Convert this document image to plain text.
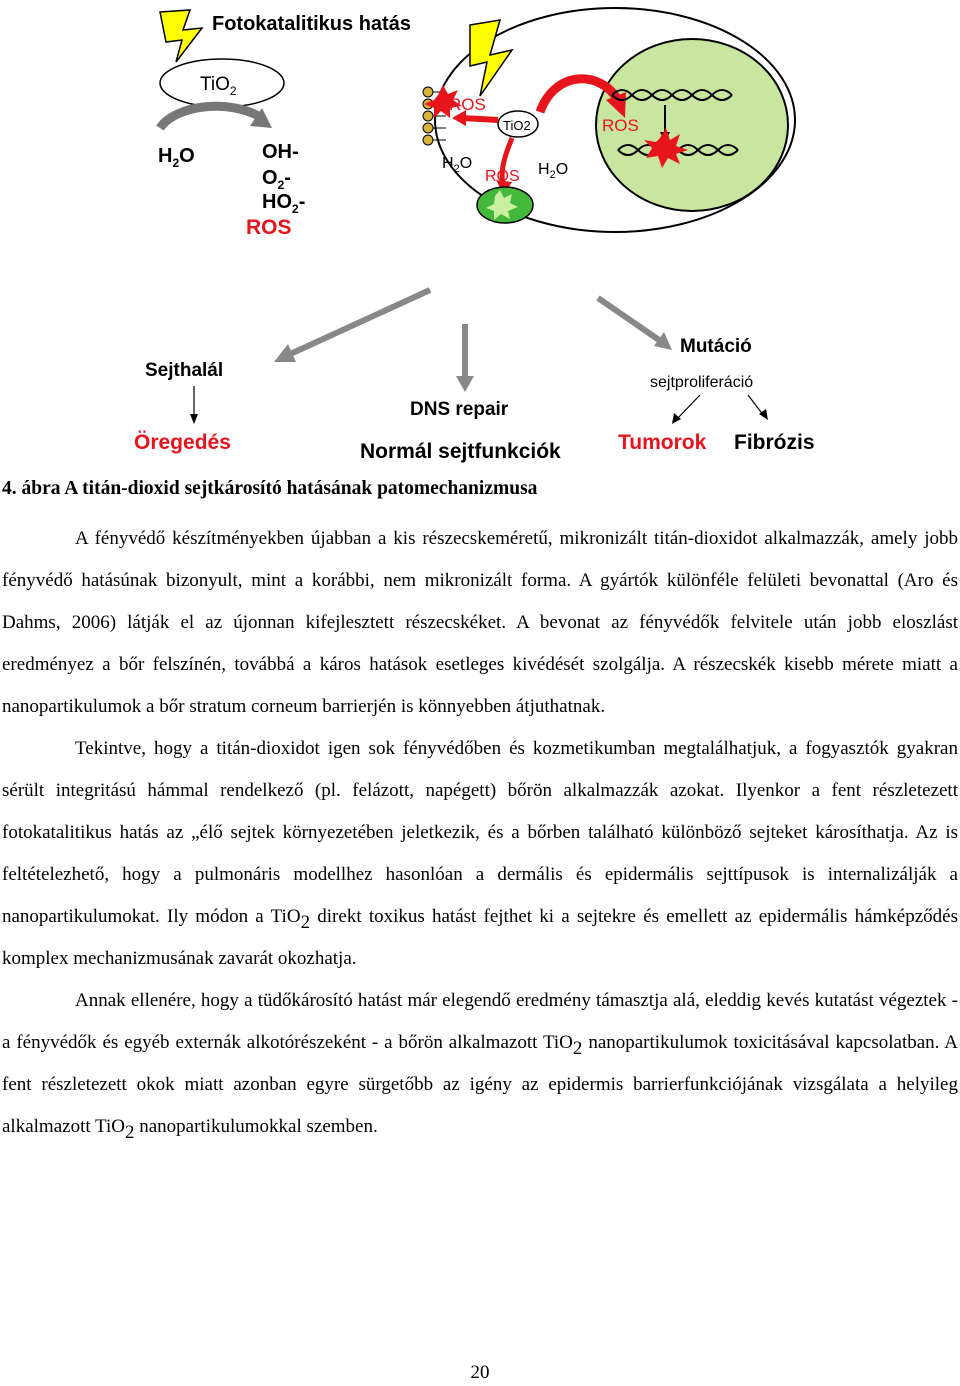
Fotokatalitikus hatás
TiO$_2$
$H_2O$	OH-
$O_2-$
$HO_2-$
ROS
ROS
TiO2
$H_2O$	$H_2O$
ROS
ROS
Sejthalál
Öregedés
DNS repair
Normál sejtfunkciók
Mutáció
sejtproliferáció
Tumorok Fibrózis
4. ábra A titán-dioxid sejtkárosító hatásának patomechanizmusa

A fényvédő készítményekben újabban a kis részecskeméretű, mikronizált titán-dioxidot alkalmazzák, amely jobb fényvédő hatásúnak bizonyult, mint a korábbi, nem mikronizált forma. A gyártók különféle felületi bevonattal (Aro és Dahms, 2006) látják el az újonnan kifejlesztett részecskéket. A bevonat az fényvédők felvitele után jobb eloszlást eredményez a bőr felszínén, továbbá a káros hatások esetleges kivédését szolgálja. A részecskék kisebb mérete miatt a nanopartikulumok a bőr stratum corneum barrierjén is könnyebben átjuthatnak.

Tekintve, hogy a titán-dioxidot igen sok fényvédőben és kozmetikumban megtalálhatjuk, a fogyasztók gyakran sérült integritású hámmal rendelkező (pl. felázott, napégett) bőrön alkalmazzák azokat. Ilyenkor a fent részletezett fotokatalitikus hatás az „élő sejtek környezetében jeletkezik, és a bőrben található különböző sejteket károsíthatja. Az is feltételezhető, hogy a pulmonáris modellhez hasonlóan a dermális és epidermális sejttípusok is internalizálják a nanopartikulumokat. Ily módon a TiO$_2$ direkt toxikus hatást fejthet ki a sejtekre és emellett az epidermális hámképződés komplex mechanizmusának zavarát okozhatja.

Annak ellenére, hogy a tüdőkárosító hatást már elegendő eredmény támasztja alá, eleddig kevés kutatást végeztek - a fényvédők és egyéb externák alkotórészeként - a bőrön alkalmazott TiO$_2$ nanopartikulumok toxicitásával kapcsolatban. A fent részletezett okok miatt azonban egyre sürgetőbb az igény az epidermis barrierfunkciójának vizsgálata a helyileg alkalmazott TiO$_2$ nanopartikulumokkal szemben.

20
